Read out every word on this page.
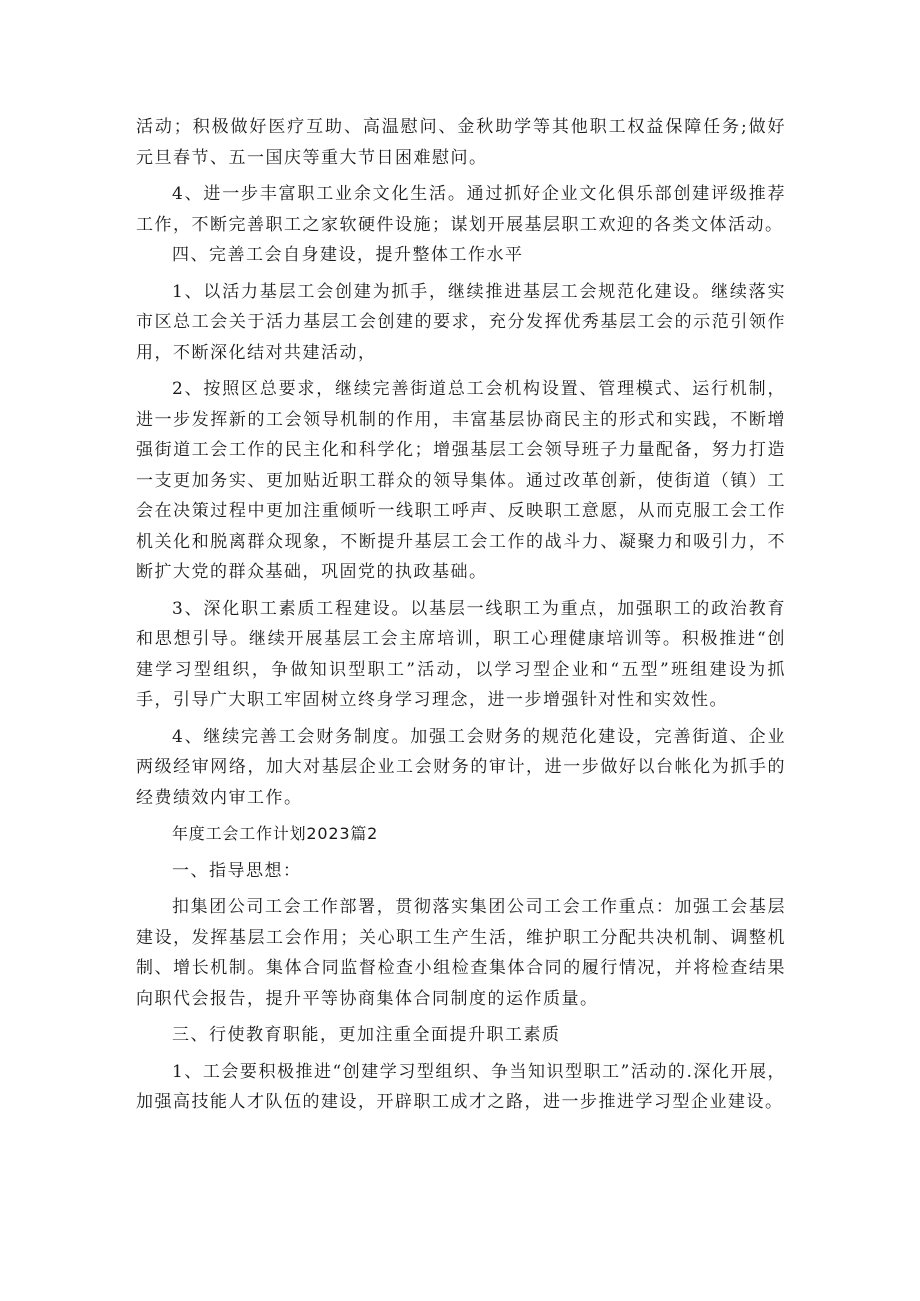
活动；积极做好医疗互助、高温慰问、金秋助学等其他职工权益保障任务;做好元旦春节、五一国庆等重大节日困难慰问。

4、进一步丰富职工业余文化生活。通过抓好企业文化俱乐部创建评级推荐工作，不断完善职工之家软硬件设施；谋划开展基层职工欢迎的各类文体活动。

四、完善工会自身建设，提升整体工作水平

1、以活力基层工会创建为抓手，继续推进基层工会规范化建设。继续落实市区总工会关于活力基层工会创建的要求，充分发挥优秀基层工会的示范引领作用，不断深化结对共建活动，

2、按照区总要求，继续完善街道总工会机构设置、管理模式、运行机制，进一步发挥新的工会领导机制的作用，丰富基层协商民主的形式和实践，不断增强街道工会工作的民主化和科学化；增强基层工会领导班子力量配备，努力打造一支更加务实、更加贴近职工群众的领导集体。通过改革创新，使街道（镇）工会在决策过程中更加注重倾听一线职工呼声、反映职工意愿，从而克服工会工作机关化和脱离群众现象，不断提升基层工会工作的战斗力、凝聚力和吸引力，不断扩大党的群众基础，巩固党的执政基础。

3、深化职工素质工程建设。以基层一线职工为重点，加强职工的政治教育和思想引导。继续开展基层工会主席培训，职工心理健康培训等。积极推进“创建学习型组织，争做知识型职工”活动，以学习型企业和“五型”班组建设为抓手，引导广大职工牢固树立终身学习理念，进一步增强针对性和实效性。

4、继续完善工会财务制度。加强工会财务的规范化建设，完善街道、企业两级经审网络，加大对基层企业工会财务的审计，进一步做好以台帐化为抓手的经费绩效内审工作。

年度工会工作计划2023篇2

一、指导思想：

扣集团公司工会工作部署，贯彻落实集团公司工会工作重点：加强工会基层建设，发挥基层工会作用；关心职工生产生活，维护职工分配共决机制、调整机制、增长机制。集体合同监督检查小组检查集体合同的履行情况，并将检查结果向职代会报告，提升平等协商集体合同制度的运作质量。

三、行使教育职能，更加注重全面提升职工素质

1、工会要积极推进“创建学习型组织、争当知识型职工”活动的.深化开展，加强高技能人才队伍的建设，开辟职工成才之路，进一步推进学习型企业建设。
